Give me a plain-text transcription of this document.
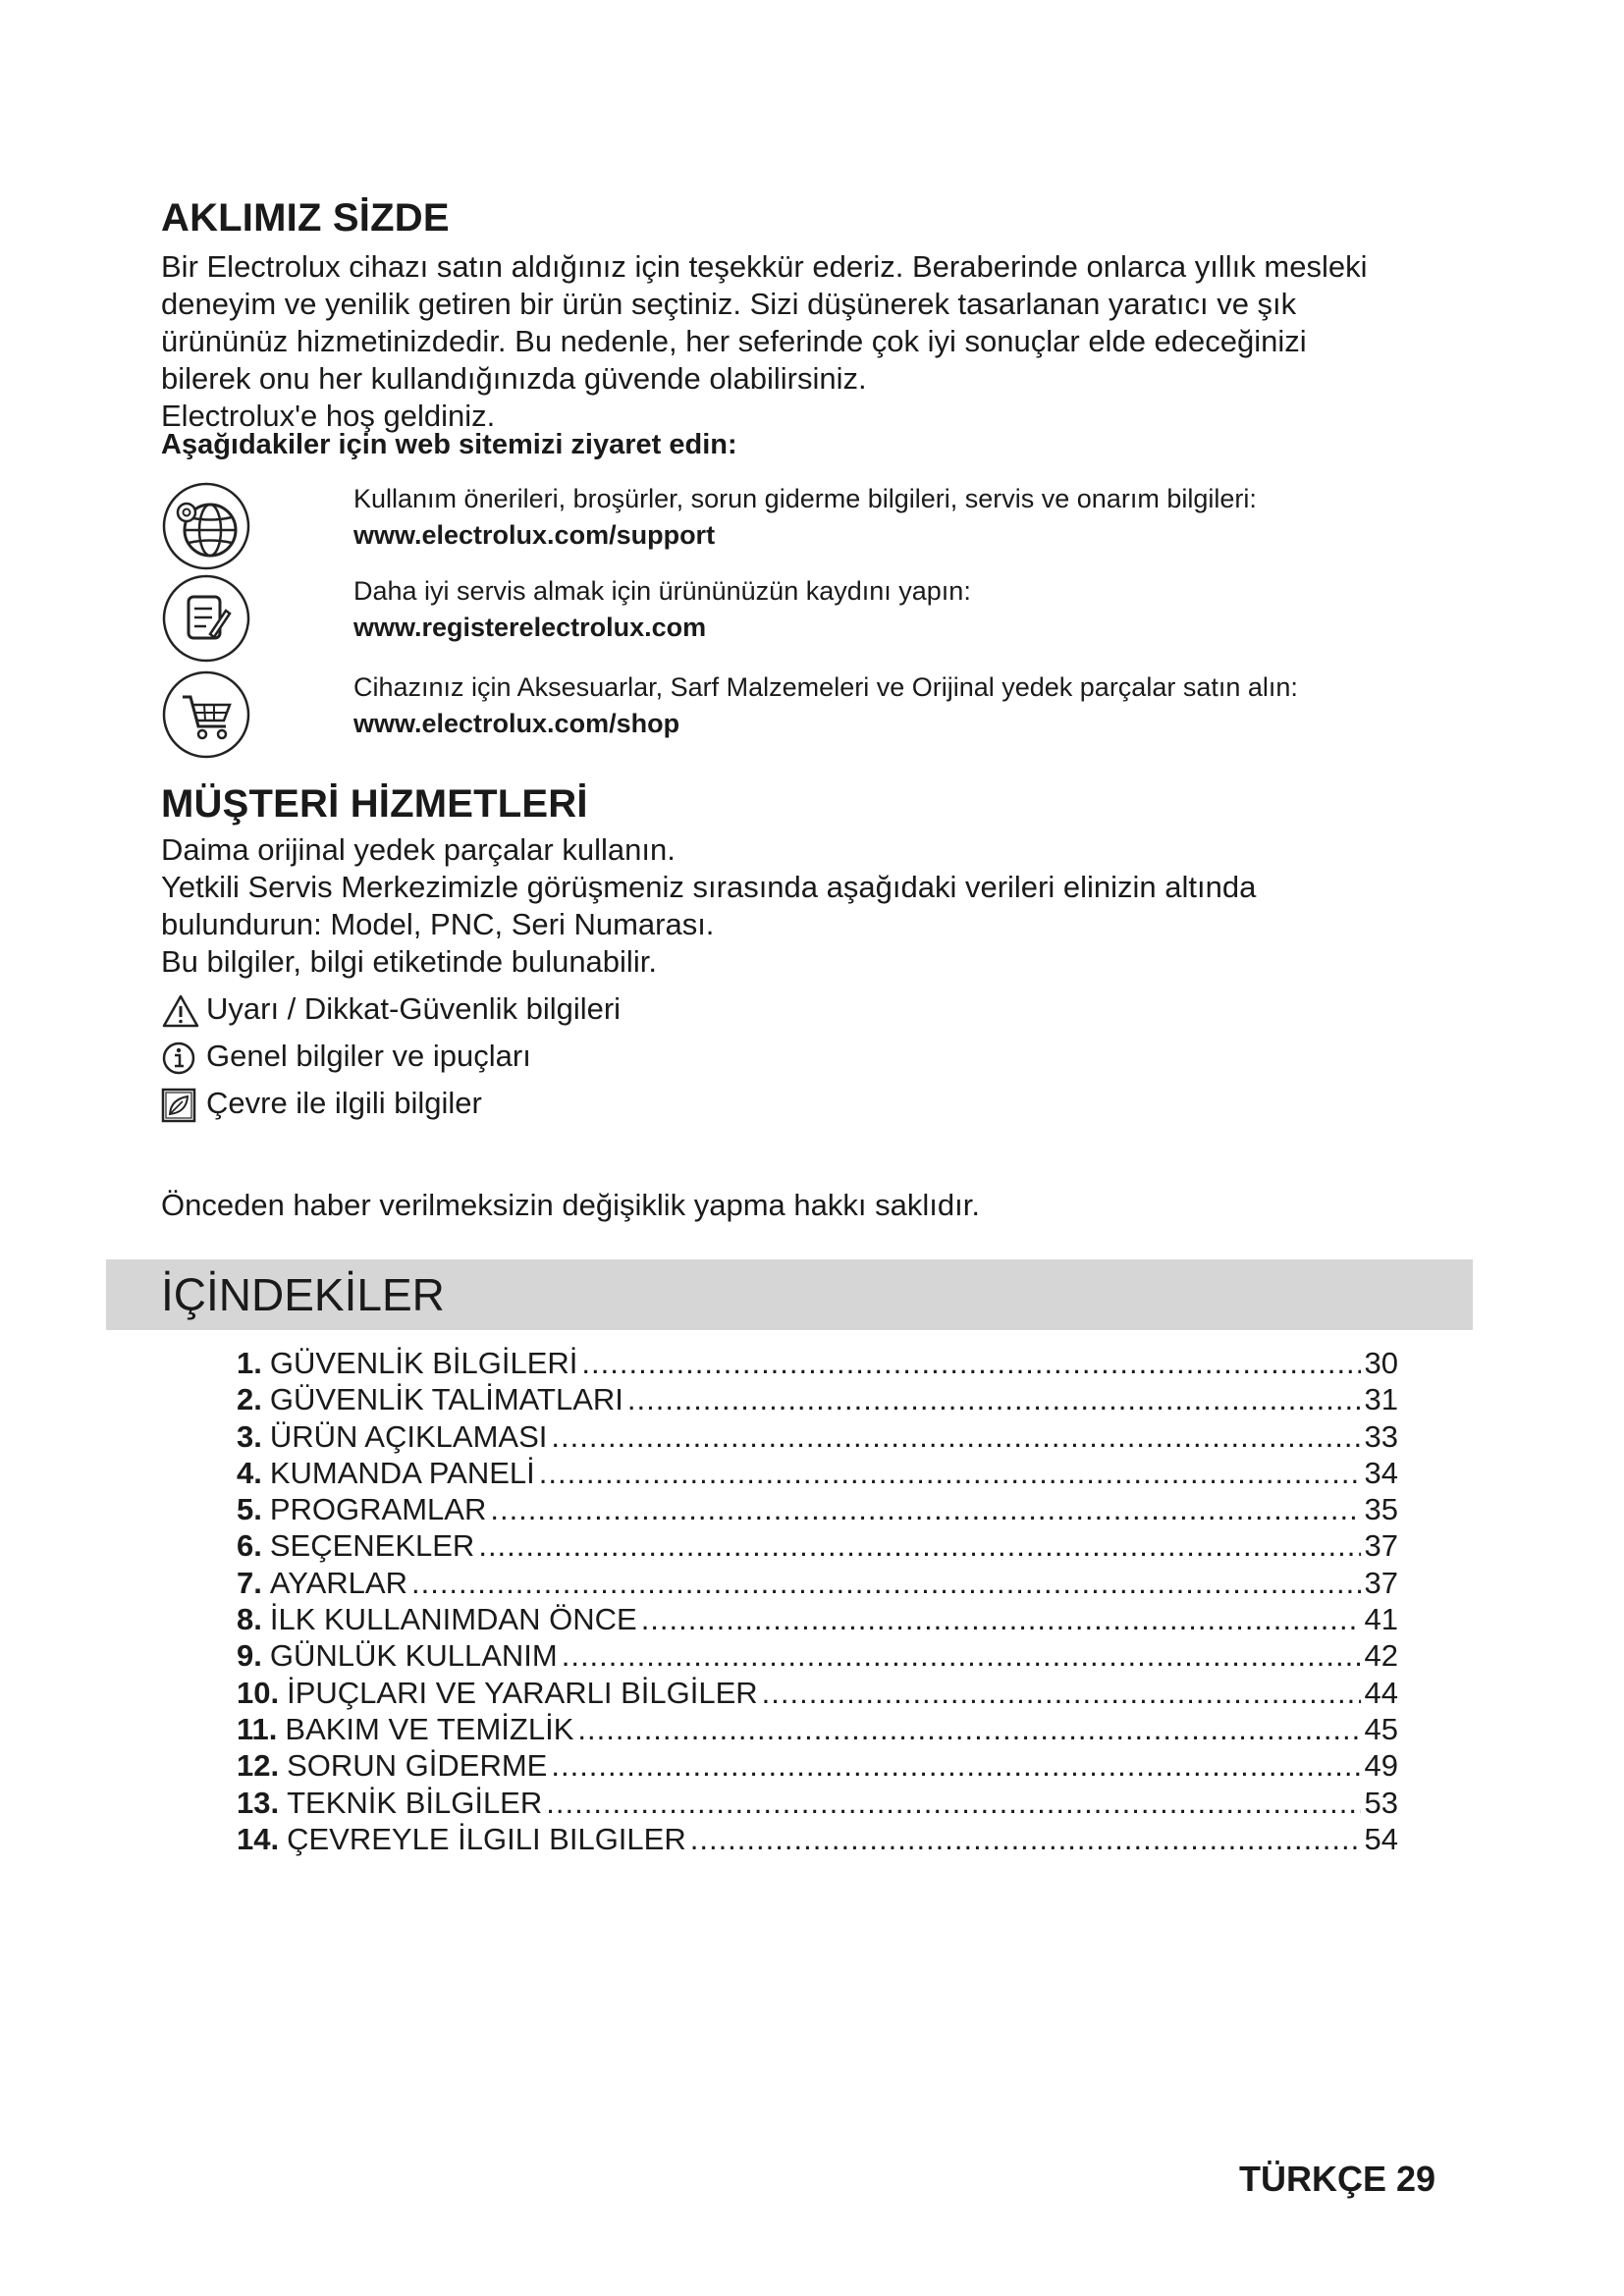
AKLIMIZ SİZDE
Bir Electrolux cihazı satın aldığınız için teşekkür ederiz. Beraberinde onlarca yıllık mesleki
deneyim ve yenilik getiren bir ürün seçtiniz. Sizi düşünerek tasarlanan yaratıcı ve şık
ürününüz hizmetinizdedir. Bu nedenle, her seferinde çok iyi sonuçlar elde edeceğinizi
bilerek onu her kullandığınızda güvende olabilirsiniz.
Electrolux'e hoş geldiniz.
Aşağıdakiler için web sitemizi ziyaret edin:
Kullanım önerileri, broşürler, sorun giderme bilgileri, servis ve onarım bilgileri:
www.electrolux.com/support
Daha iyi servis almak için ürününüzün kaydını yapın:
www.registerelectrolux.com
Cihazınız için Aksesuarlar, Sarf Malzemeleri ve Orijinal yedek parçalar satın alın:
www.electrolux.com/shop
MÜŞTERİ HİZMETLERİ
Daima orijinal yedek parçalar kullanın.
Yetkili Servis Merkezimizle görüşmeniz sırasında aşağıdaki verileri elinizin altında
bulundurun: Model, PNC, Seri Numarası.
Bu bilgiler, bilgi etiketinde bulunabilir.
Uyarı / Dikkat-Güvenlik bilgileri
Genel bilgiler ve ipuçları
Çevre ile ilgili bilgiler
Önceden haber verilmeksizin değişiklik yapma hakkı saklıdır.
İÇİNDEKİLER
1. GÜVENLİK BİLGİLERİ .....	30
2. GÜVENLİK TALİMATLARI .....	31
3. ÜRÜN AÇIKLAMASI .....	33
4. KUMANDA PANELİ .....	34
5. PROGRAMLAR .....	35
6. SEÇENEKLER .....	37
7. AYARLAR .....	37
8. İLK KULLANIMDAN ÖNCE .....	41
9. GÜNLÜK KULLANIM .....	42
10. İPUÇLARI VE YARARLI BİLGİLER .....	44
11. BAKIM VE TEMİZLİK .....	45
12. SORUN GİDERME .....	49
13. TEKNİK BİLGİLER .....	53
14. ÇEVREYLE İLGILI BILGILER .....	54
TÜRKÇE 29
